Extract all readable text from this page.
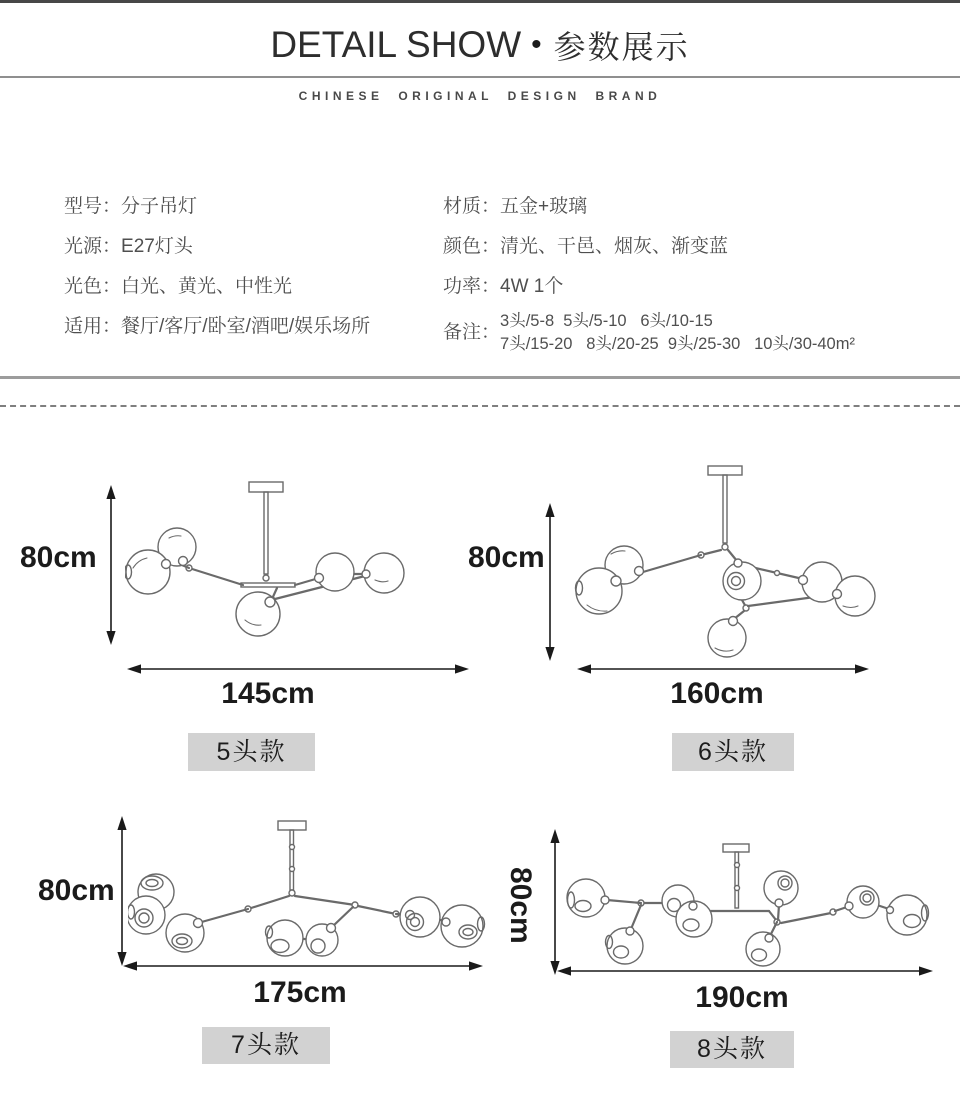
DETAIL SHOW • 参数展示
CHINESE ORIGINAL DESIGN BRAND
型号：分子吊灯
光源：E27灯头
光色：白光、黄光、中性光
适用：餐厅/客厅/卧室/酒吧/娱乐场所
材质：五金+玻璃
颜色：清光、干邑、烟灰、渐变蓝
功率：4W 1个
备注：
3头/5-8  5头/5-10   6头/10-15
7头/15-20   8头/20-25  9头/25-30   10头/30-40m²
80cm
145cm
5头款
80cm
160cm
6头款
80cm
175cm
7头款
80cm
190cm
8头款
